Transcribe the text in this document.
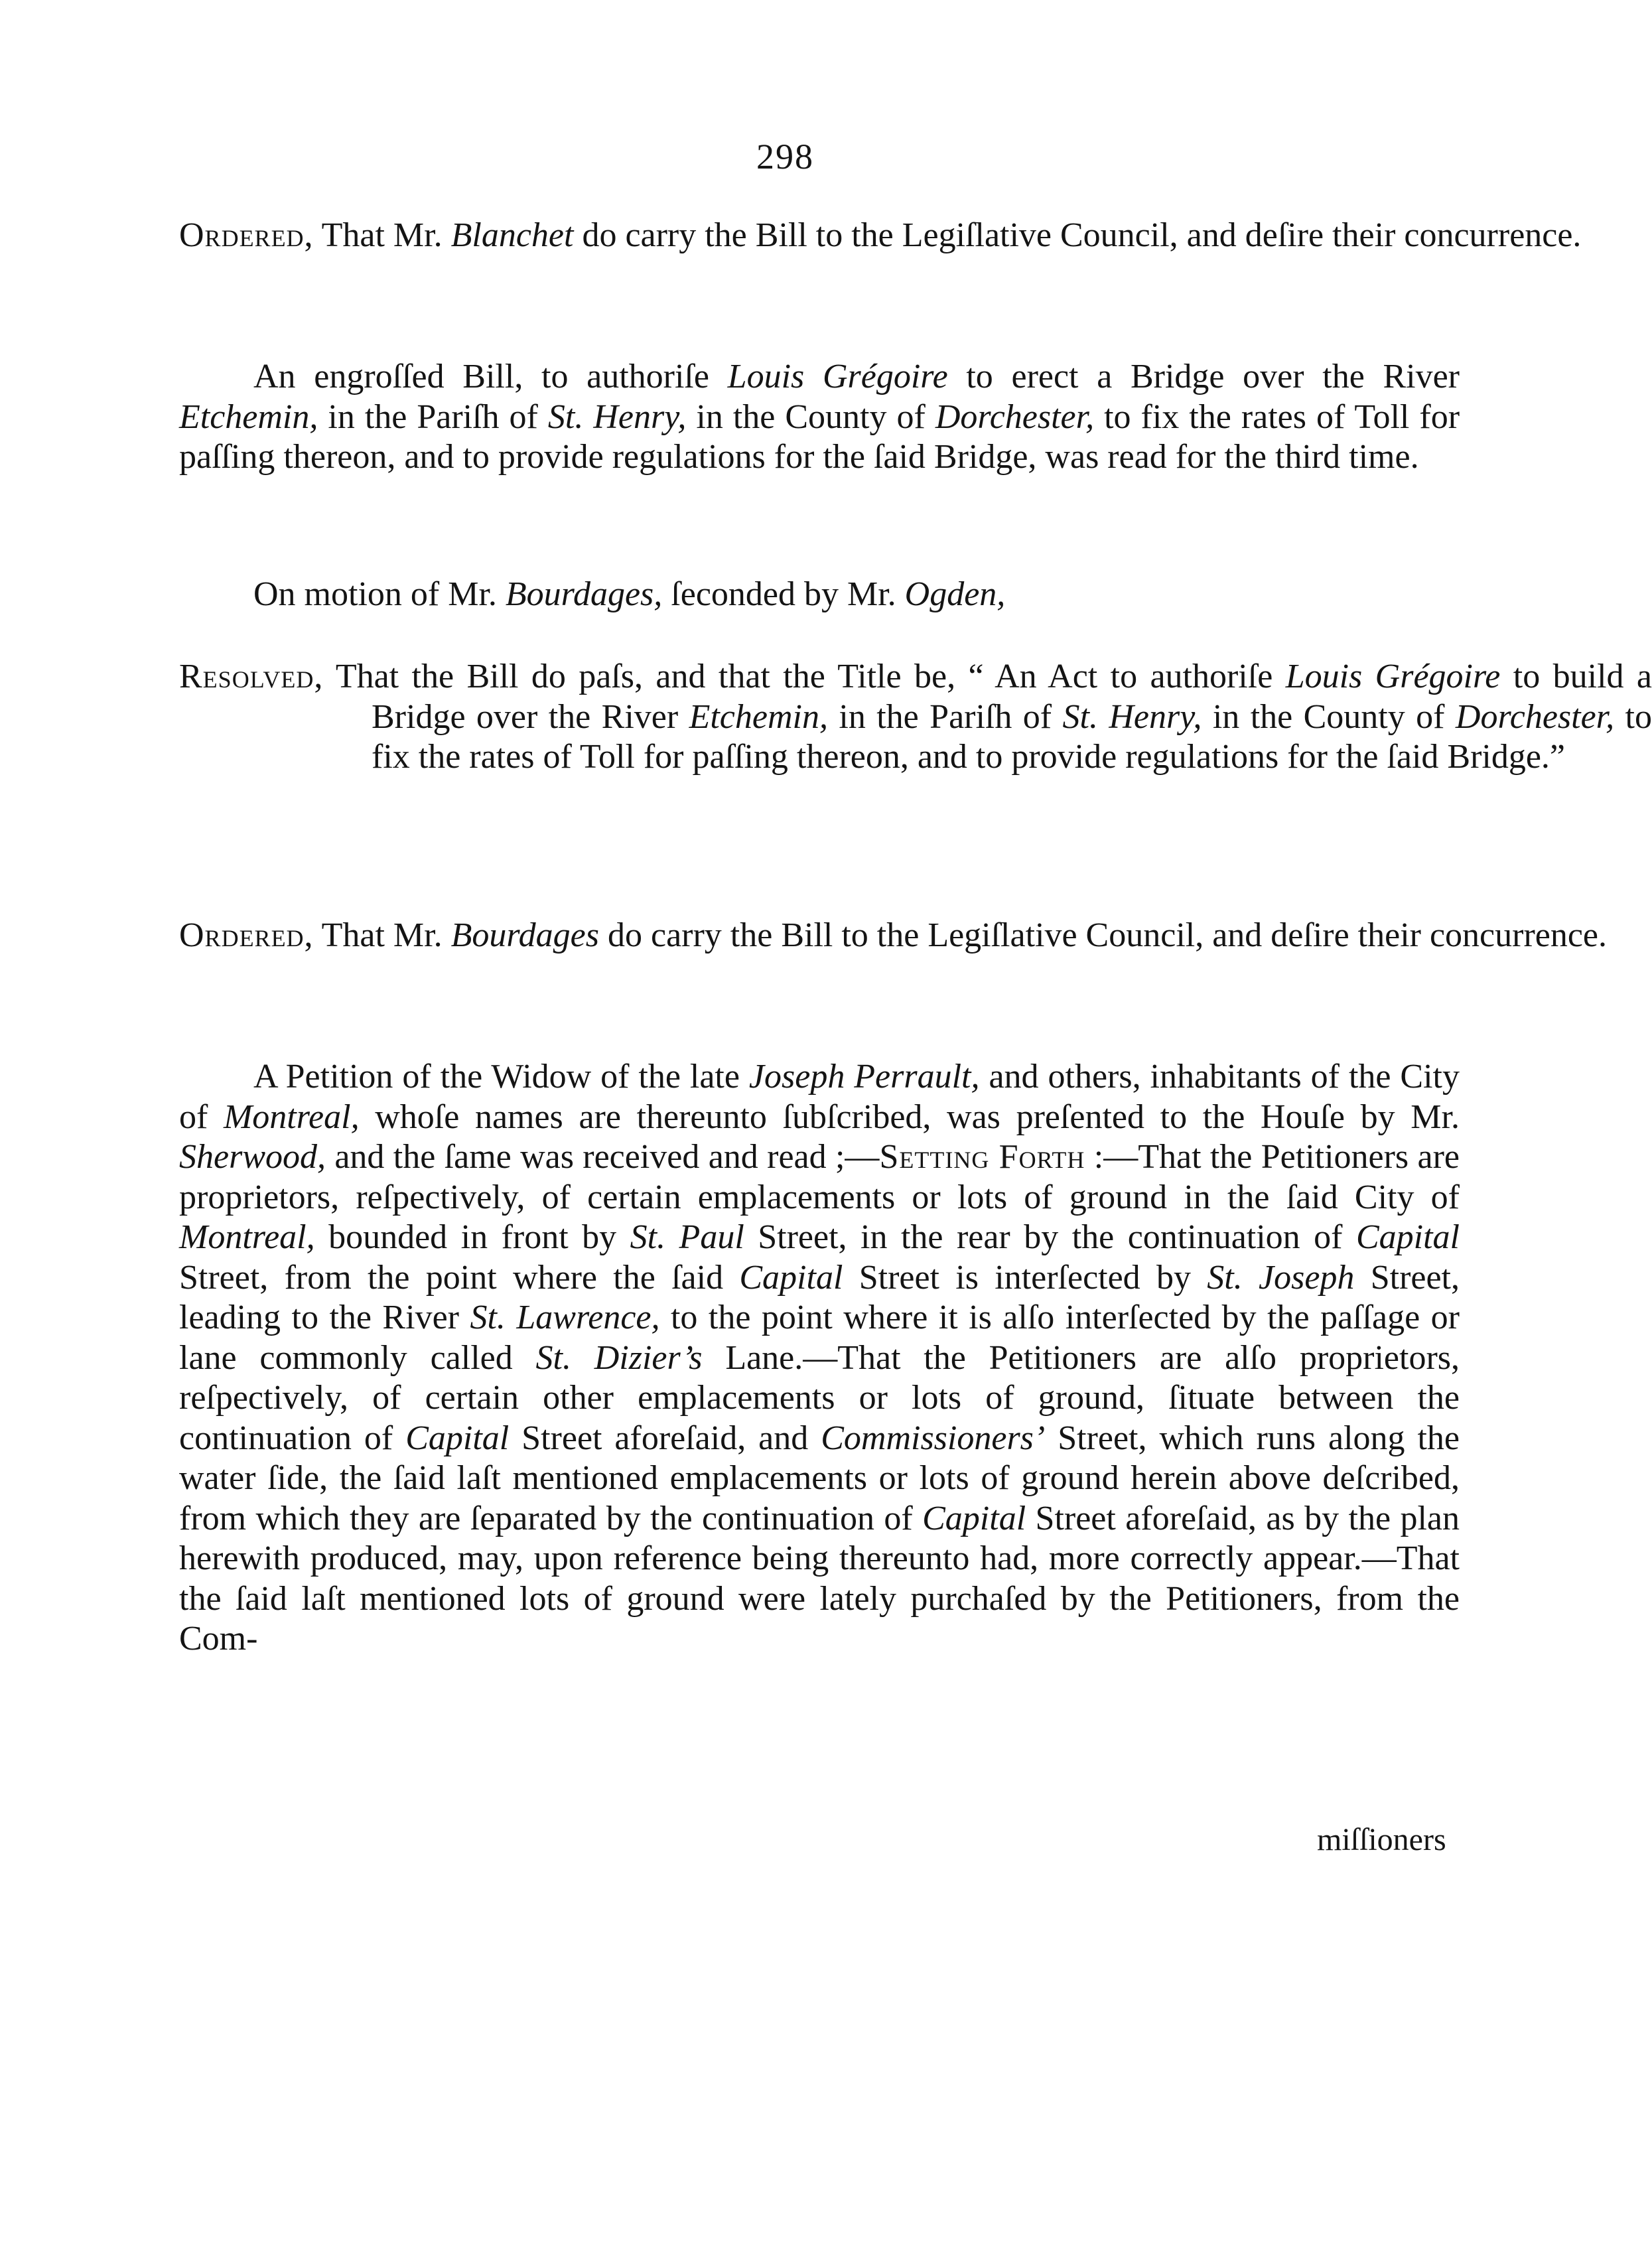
298

Ordered, That Mr. Blanchet do carry the Bill to the Legiſlative Council, and deſire their concurrence.

An engroſſed Bill, to authoriſe Louis Grégoire to erect a Bridge over the River Etchemin, in the Pariſh of St. Henry, in the County of Dorchester, to fix the rates of Toll for paſſing thereon, and to provide regulations for the ſaid Bridge, was read for the third time.

On motion of Mr. Bourdages, ſeconded by Mr. Ogden,

Resolved, That the Bill do paſs, and that the Title be, “ An Act to authoriſe Louis Grégoire to build a Bridge over the River Etchemin, in the Pariſh of St. Henry, in the County of Dorchester, to fix the rates of Toll for paſſing thereon, and to provide regulations for the ſaid Bridge.”

Ordered, That Mr. Bourdages do carry the Bill to the Legiſlative Council, and deſire their concurrence.

A Petition of the Widow of the late Joseph Perrault, and others, inhabitants of the City of Montreal, whoſe names are thereunto ſubſcribed, was preſented to the Houſe by Mr. Sherwood, and the ſame was received and read ;—Setting Forth :—That the Petitioners are proprietors, reſpectively, of certain emplacements or lots of ground in the ſaid City of Montreal, bounded in front by St. Paul Street, in the rear by the continuation of Capital Street, from the point where the ſaid Capital Street is interſected by St. Joseph Street, leading to the River St. Lawrence, to the point where it is alſo interſected by the paſſage or lane commonly called St. Dizier’s Lane.—That the Petitioners are alſo proprietors, reſpectively, of certain other emplacements or lots of ground, ſituate between the continuation of Capital Street aforeſaid, and Commissioners’ Street, which runs along the water ſide, the ſaid laſt mentioned emplacements or lots of ground herein above deſcribed, from which they are ſeparated by the continuation of Capital Street aforeſaid, as by the plan herewith produced, may, upon reference being thereunto had, more correctly appear.—That the ſaid laſt mentioned lots of ground were lately purchaſed by the Petitioners, from the Com-

miſſioners
